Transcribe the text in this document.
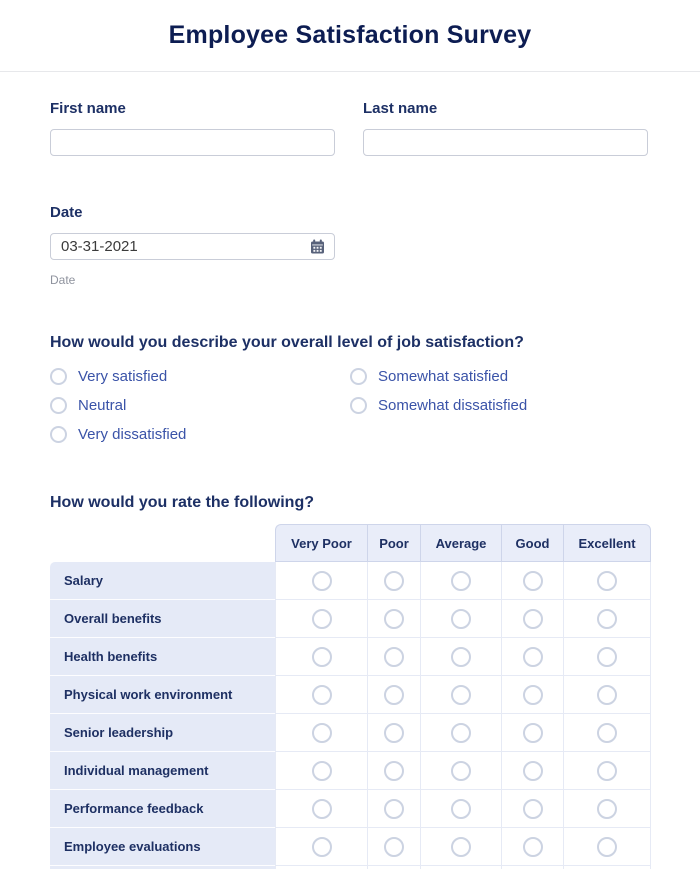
Employee Satisfaction Survey
First name	Last name
Date
03-31-2021
Date
How would you describe your overall level of job satisfaction?
Very satisfied	Somewhat satisfied
Neutral	Somewhat dissatisfied
Very dissatisfied
How would you rate the following?
	Very Poor	Poor	Average	Good	Excellent
Salary					
Overall benefits					
Health benefits					
Physical work environment					
Senior leadership					
Individual management					
Performance feedback					
Employee evaluations					
